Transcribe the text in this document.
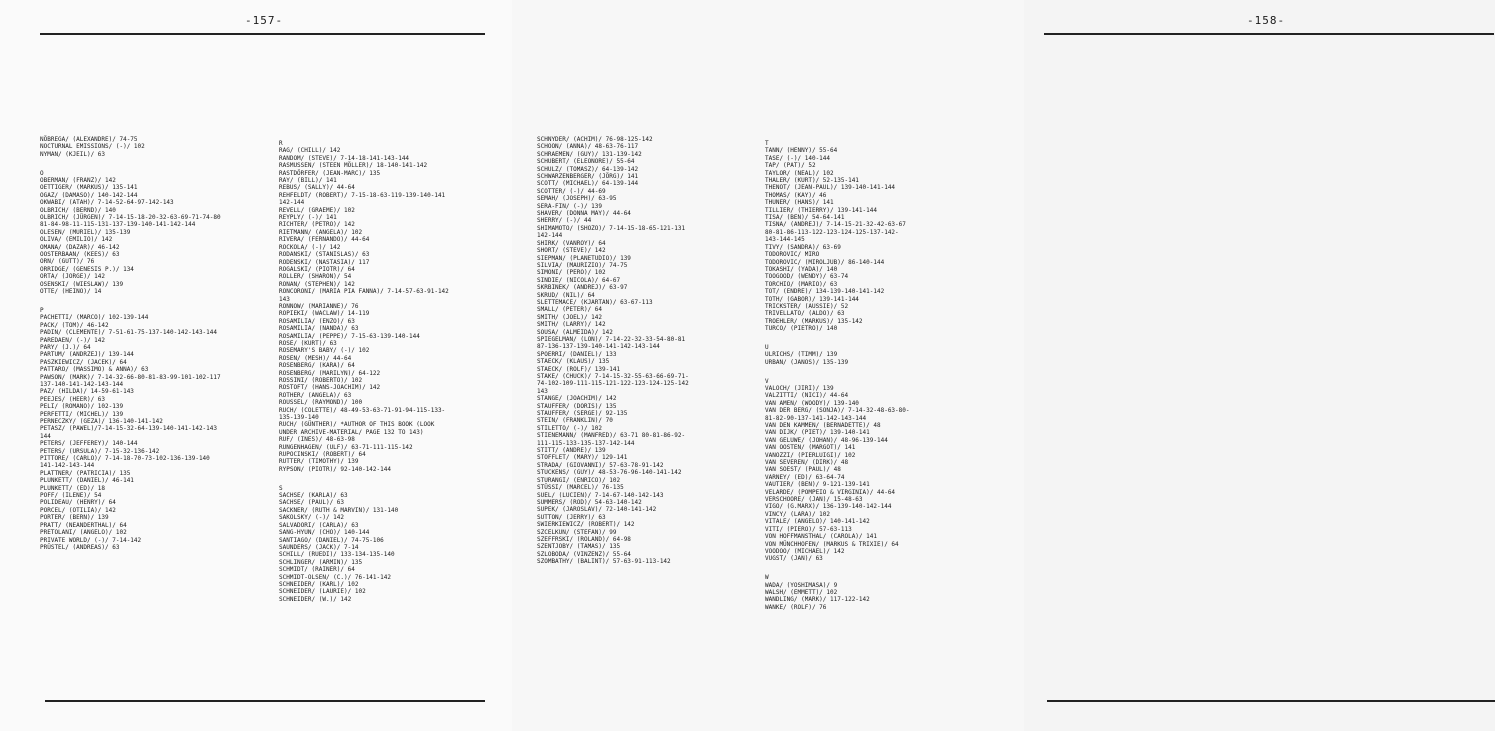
-157-	-158-
NÖBREGA/ (ALEXANDRE)/ 74-75
NOCTURNAL EMISSIONS/ (-)/ 102
NYMAN/ (KJEIL)/ 63
O
OBERMAN/ (FRANZ)/ 142
OETTIGER/ (MARKUS)/ 135-141
OGAZ/ (DAMASO)/ 140-142-144
OKWABI/ (ATAH)/ 7-14-52-64-97-142-143
OLBRICH/ (BERND)/ 140
OLBRICH/ (JÜRGEN)/ 7-14-15-18-20-32-63-69-71-74-80
81-84-98-11-115-131-137-139-140-141-142-144
OLESEN/ (MURIEL)/ 135-139
OLIVA/ (EMILIO)/ 142
OMANA/ (DAZAR)/ 46-142
OOSTERBAAN/ (KEES)/ 63
ORN/ (GUTT)/ 76
ORRIDGE/ (GENESIS P.)/ 134
ORTA/ (JORGE)/ 142
OSENSKI/ (WIESLAW)/ 139
OTTE/ (HEINO)/ 14
P
PACHETTI/ (MARCO)/ 102-139-144
PACK/ (TOM)/ 46-142
PADIN/ (CLEMENTE)/ 7-51-61-75-137-140-142-143-144
PAREDAEN/ (-)/ 142
PARY/ (J.)/ 64
PARTUM/ (ANDRZEJ)/ 139-144
PASZKIEWICZ/ (JACEK)/ 64
PATTARO/ (MASSIMO) & ANNA)/ 63
PAWSON/ (MARK)/ 7-14-32-66-80-81-83-99-101-102-117
137-140-141-142-143-144
PAZ/ (HILDA)/ 14-59-61-143
PEEJES/ (HEER)/ 63
PELI/ (ROMANO)/ 102-139
PERFETTI/ (MICHEL)/ 139
PERNECZKY/ (GEZA)/ 136-140-141-142
PETASZ/ (PAWEL)/7-14-15-32-64-139-140-141-142-143
144
PETERS/ (JEFFEREY)/ 140-144
PETERS/ (URSULA)/ 7-15-32-136-142
PITTORE/ (CARLO)/ 7-14-18-70-73-102-136-139-140
141-142-143-144
PLATTNER/ (PATRICIA)/ 135
PLUNKETT/ (DANIEL)/ 46-141
PLUNKETT/ (ED)/ 18
POFF/ (ILENE)/ 54
POLIDEAU/ (HENRY)/ 64
PORCEL/ (OTILIA)/ 142
PORTER/ (BERN)/ 139
PRATT/ (NEANDERTHAL)/ 64
PRETOLANI/ (ANGELO)/ 102
PRIVATE WORLD/ (-)/ 7-14-142
PRÜSTEL/ (ANDREAS)/ 63
R
RAG/ (CHILL)/ 142
RANDOM/ (STEVE)/ 7-14-18-141-143-144
RASMUSSEN/ (STEEN MÖLLER)/ 18-140-141-142
RASTDÖRFER/ (JEAN-MARC)/ 135
RAY/ (BILL)/ 141
REBUS/ (SALLY)/ 44-64
REHFELDT/ (ROBERT)/ 7-15-18-63-119-139-140-141
142-144
REVELL/ (GRAEME)/ 102
REYPLY/ (-)/ 141
RICHTER/ (PETRO)/ 142
RIETMANN/ (ANGELA)/ 102
RIVERA/ (FERNANDO)/ 44-64
ROCKOLA/ (-)/ 142
RODANSKI/ (STANISLAS)/ 63
RODENSKI/ (NASTASIA)/ 117
ROGALSKI/ (PIOTR)/ 64
ROLLER/ (SHARON)/ 54
RONAN/ (STEPHEN)/ 142
RONCORONI/ (MARIA PIA FANNA)/ 7-14-57-63-91-142
143
RONNOW/ (MARIANNE)/ 76
ROPIEKI/ (WACLAW)/ 14-119
ROSAMILIA/ (ENZO)/ 63
ROSAMILIA/ (NANDA)/ 63
ROSAMILIA/ (PEPPE)/ 7-15-63-139-140-144
ROSE/ (KURT)/ 63
ROSEMARY'S BABY/ (-)/ 102
ROSEN/ (MESH)/ 44-64
ROSENBERG/ (KARA)/ 64
ROSENBERG/ (MARILYN)/ 64-122
ROSSINI/ (ROBERTO)/ 102
ROSTOFT/ (HANS-JOACHIM)/ 142
ROTHER/ (ANGELA)/ 63
ROUSSEL/ (RAYMOND)/ 100
RUCH/ (COLETTE)/ 48-49-53-63-71-91-94-115-133-
135-139-140
RUCH/ (GÜNTHER)/ *AUTHOR OF THIS BOOK (LOOK
UNDER ARCHIVE-MATERIAL/ PAGE 132 TO 143)
RUF/ (INES)/ 48-63-98
RUNGENHAGEN/ (ULF)/ 63-71-111-115-142
RUPOCINSKI/ (ROBERT)/ 64
RUTTER/ (TIMOTHY)/ 139
RYPSON/ (PIOTR)/ 92-140-142-144
S
SACHSE/ (KARLA)/ 63
SACHSE/ (PAUL)/ 63
SACKNER/ (RUTH & MARVIN)/ 131-140
SAKOLSKY/ (-)/ 142
SALVADORI/ (CARLA)/ 63
SANG-HYUN/ (CHO)/ 140-144
SANTIAGO/ (DANIEL)/ 74-75-106
SAUNDERS/ (JACK)/ 7-14
SCHILL/ (RUEDI)/ 133-134-135-140
SCHLINGER/ (ARMIN)/ 135
SCHMIDT/ (RAINER)/ 64
SCHMIDT-OLSEN/ (C.)/ 76-141-142
SCHNEIDER/ (KARL)/ 102
SCHNEIDER/ (LAURIE)/ 102
SCHNEIDER/ (W.)/ 142
SCHNYDER/ (ACHIM)/ 76-98-125-142
SCHOON/ (ANNA)/ 48-63-76-117
SCHRAEMEN/ (GUY)/ 131-139-142
SCHUBERT/ (ELEONORE)/ 55-64
SCHULZ/ (TOMASZ)/ 64-139-142
SCHWARZENBERGER/ (JÖRG)/ 141
SCOTT/ (MICHAEL)/ 64-139-144
SCOTTER/ (-)/ 44-69
SEMAH/ (JOSEPH)/ 63-95
SERA-FIN/ (-)/ 139
SHAVER/ (DONNA MAY)/ 44-64
SHERRY/ (-)/ 44
SHIMAMOTO/ (SHOZO)/ 7-14-15-18-65-121-131
142-144
SHIRK/ (VANROY)/ 64
SHORT/ (STEVE)/ 142
SIEPMAN/ (PLANETUDIO)/ 139
SILVIA/ (MAURIZIO)/ 74-75
SIMONI/ (PERO)/ 102
SINDIE/ (NICOLA)/ 64-67
SKRBINEK/ (ANDREJ)/ 63-97
SKRUD/ (NIL)/ 64
SLETTEMACE/ (KJARTAN)/ 63-67-113
SMALL/ (PETER)/ 64
SMITH/ (JOEL)/ 142
SMITH/ (LARRY)/ 142
SOUSA/ (ALMEIDA)/ 142
SPIEGELMAN/ (LON)/ 7-14-22-32-33-54-80-81
87-136-137-139-140-141-142-143-144
SPOERRI/ (DANIEL)/ 133
STAECK/ (KLAUS)/ 135
STAECK/ (ROLF)/ 139-141
STAKE/ (CHUCK)/ 7-14-15-32-55-63-66-69-71-
74-102-109-111-115-121-122-123-124-125-142
143
STANGE/ (JOACHIM)/ 142
STAUFFER/ (DORIS)/ 135
STAUFFER/ (SERGE)/ 92-135
STEIN/ (FRANKLIN)/ 70
STILETTO/ (-)/ 102
STIENEMANN/ (MANFRED)/ 63-71 80-81-86-92-
111-115-133-135-137-142-144
STITT/ (ANDRE)/ 139
STOFFLET/ (MARY)/ 129-141
STRADA/ (GIOVANNI)/ 57-63-78-91-142
STUCKENS/ (GUY)/ 48-53-76-96-140-141-142
STURANGI/ (ENRICO)/ 102
STÜSSI/ (MARCEL)/ 76-135
SUEL/ (LUCIEN)/ 7-14-67-140-142-143
SUMMERS/ (ROD)/ 54-63-140-142
SUPEK/ (JAROSLAV)/ 72-140-141-142
SUTTON/ (JERRY)/ 63
SWIERKIEWICZ/ (ROBERT)/ 142
SZCELKUN/ (STEFAN)/ 99
SZEFFRSKI/ (ROLAND)/ 64-98
SZENTJOBY/ (TAMAS)/ 135
SZLOBODA/ (VINZENZ)/ 55-64
SZOMBATHY/ (BALINT)/ 57-63-91-113-142
T
TANN/ (HENNY)/ 55-64
TASE/ (-)/ 140-144
TAP/ (PAT)/ 52
TAYLOR/ (NEAL)/ 102
THALER/ (KURT)/ 52-135-141
THENOT/ (JEAN-PAUL)/ 139-140-141-144
THOMAS/ (KAY)/ 46
THUNER/ (HANS)/ 141
TILLIER/ (THIERRY)/ 139-141-144
TISA/ (BEN)/ 54-64-141
TISNA/ (ANDREJ)/ 7-14-15-21-32-42-63-67
80-81-86-113-122-123-124-125-137-142-
143-144-145
TIVY/ (SANDRA)/ 63-69
TODOROVIC/ MIRO
TODOROVIC/ (MIROLJUB)/ 86-140-144
TOKASHI/ (YADA)/ 140
TOOGOOD/ (WENDY)/ 63-74
TORCHIO/ (MARIO)/ 63
TOT/ (ENDRE)/ 134-139-140-141-142
TOTH/ (GABOR)/ 139-141-144
TRICKSTER/ (AUSSIE)/ 52
TRIVELLATO/ (ALDO)/ 63
TROEHLER/ (MARKUS)/ 135-142
TURCO/ (PIETRO)/ 140
U
ULRICHS/ (TIMM)/ 139
URBAN/ (JANOS)/ 135-139
V
VALOCH/ (JIRI)/ 139
VALZITTI/ (NICI)/ 44-64
VAN AMEN/ (WOODY)/ 139-140
VAN DER BERG/ (SONJA)/ 7-14-32-48-63-80-
81-82-90-137-141-142-143-144
VAN DEN KAMMEN/ (BERNADETTE)/ 48
VAN DIJK/ (PIET)/ 139-140-141
VAN GELUWE/ (JOHAN)/ 48-96-139-144
VAN OOSTEN/ (MARGOT)/ 141
VANOZZI/ (PIERLUIGI)/ 102
VAN SEVEREN/ (DIRK)/ 48
VAN SOEST/ (PAUL)/ 48
VARNEY/ (ED)/ 63-64-74
VAUTIER/ (BEN)/ 9-121-139-141
VELARDE/ (POMPEIO & VIRGINIA)/ 44-64
VERSCHOORE/ (JAN)/ 15-48-63
VIGO/ (G.MARX)/ 136-139-140-142-144
VINCY/ (LARA)/ 102
VITALE/ (ANGELO)/ 140-141-142
VITI/ (PIERO)/ 57-63-113
VON HOFFMANSTHAL/ (CAROLA)/ 141
VON MÜNCHHOFEN/ (MARKUS & TRIXIE)/ 64
VOODOO/ (MICHAEL)/ 142
VUGST/ (JAN)/ 63
W
WADA/ (YOSHIMASA)/ 9
WALSH/ (EMMETT)/ 102
WANDLING/ (MARK)/ 117-122-142
WANKE/ (ROLF)/ 76
